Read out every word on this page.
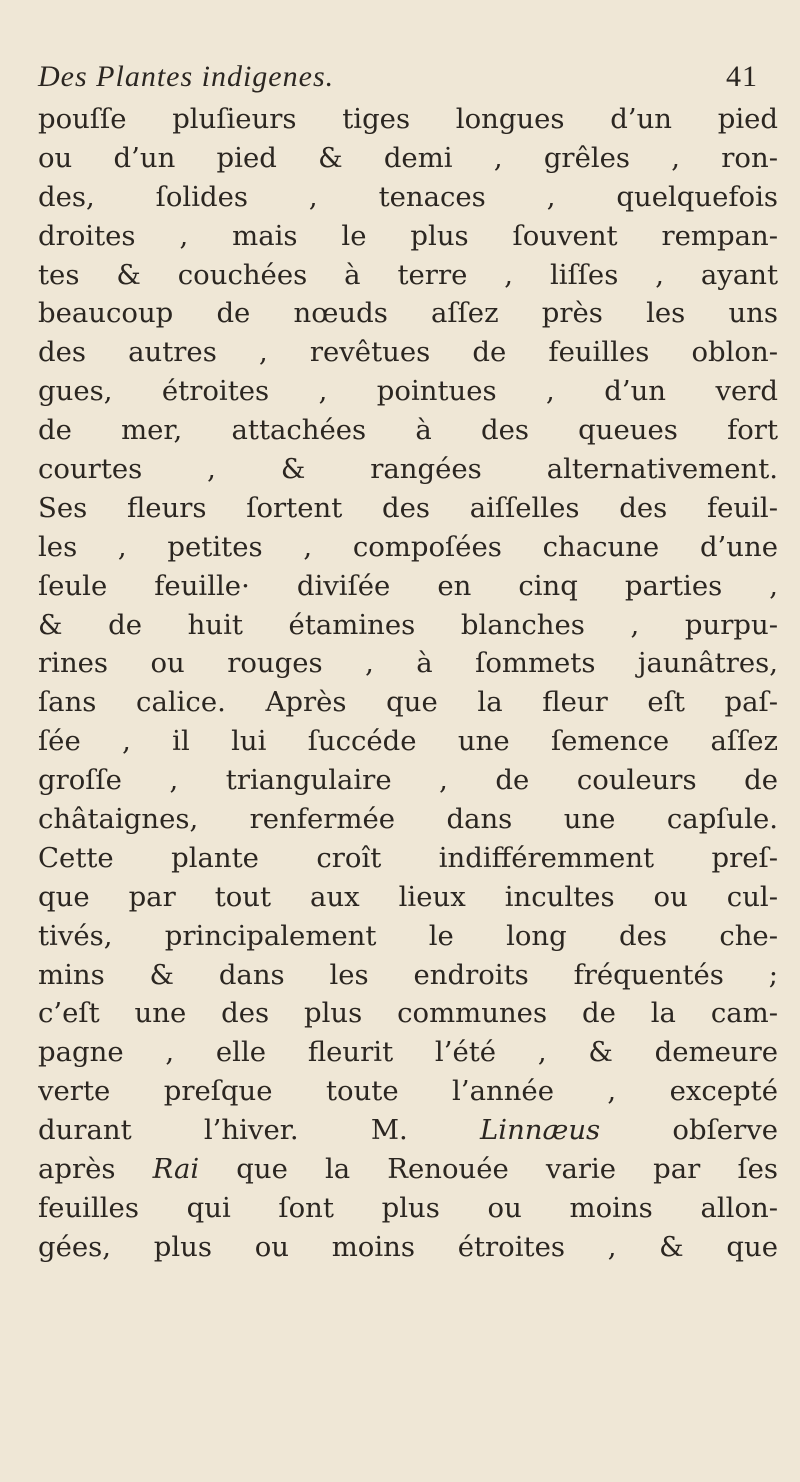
Des Plantes indigenes.	41
pouſſe pluſieurs tiges longues d’un pied
ou d’un pied & demi , grêles , ron-
des, ſolides , tenaces , quelquefois
droites , mais le plus ſouvent rempan-
tes & couchées à terre , liſſes , ayant
beaucoup de nœuds aſſez près les uns
des autres , revêtues de feuilles oblon-
gues, étroites , pointues , d’un verd
de mer, attachées à des queues fort
courtes , & rangées alternativement.
Ses fleurs ſortent des aiſſelles des feuil-
les , petites , compoſées chacune d’une
ſeule feuille· diviſée en cinq parties ,
& de huit étamines blanches , purpu-
rines ou rouges , à ſommets jaunâtres,
ſans calice. Après que la fleur eſt paſ-
ſée , il lui ſuccéde une ſemence aſſez
groſſe , triangulaire , de couleurs de
châtaignes, renfermée dans une capſule.
Cette plante croît indifféremment preſ-
que par tout aux lieux incultes ou cul-
tivés, principalement le long des che-
mins & dans les endroits fréquentés ;
c’eſt une des plus communes de la cam-
pagne , elle fleurit l’été , & demeure
verte preſque toute l’année , excepté
durant l’hiver. M. Linnæus obſerve
après Rai que la Renouée varie par ſes
feuilles qui ſont plus ou moins allon-
gées, plus ou moins étroites , & que
